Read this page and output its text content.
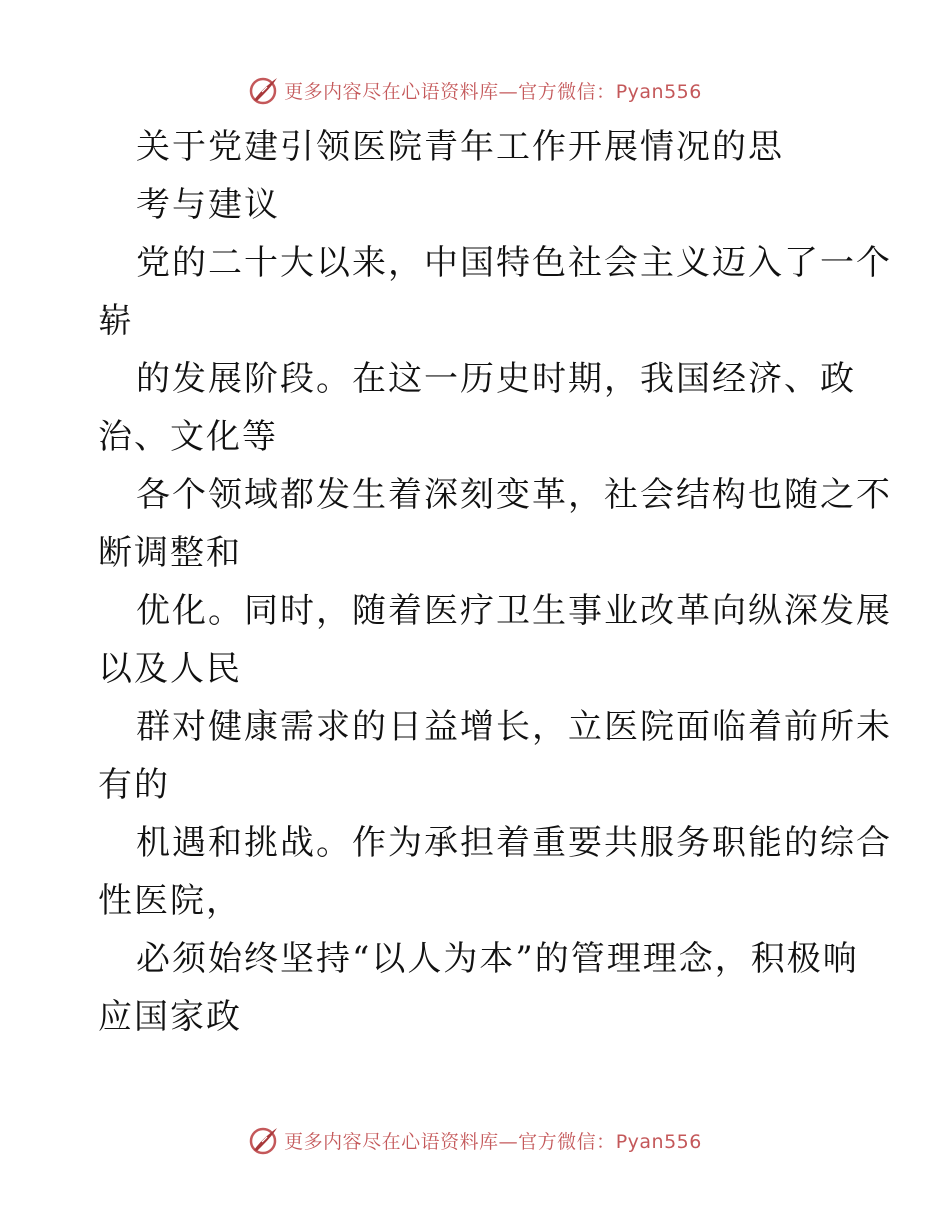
更多内容尽在心语资料库—官方微信：Pyan556
关于党建引领医院青年工作开展情况的思
考与建议
党的二十大以来，中国特色社会主义迈入了一个
崭
的发展阶段。在这一历史时期，我国经济、政
治、文化等
各个领域都发生着深刻变革，社会结构也随之不
断调整和
优化。同时，随着医疗卫生事业改革向纵深发展
以及人民
群对健康需求的日益增长，立医院面临着前所未
有的
机遇和挑战。作为承担着重要共服务职能的综合
性医院，
必须始终坚持“以人为本”的管理理念，积极响
应国家政
更多内容尽在心语资料库—官方微信：Pyan556
